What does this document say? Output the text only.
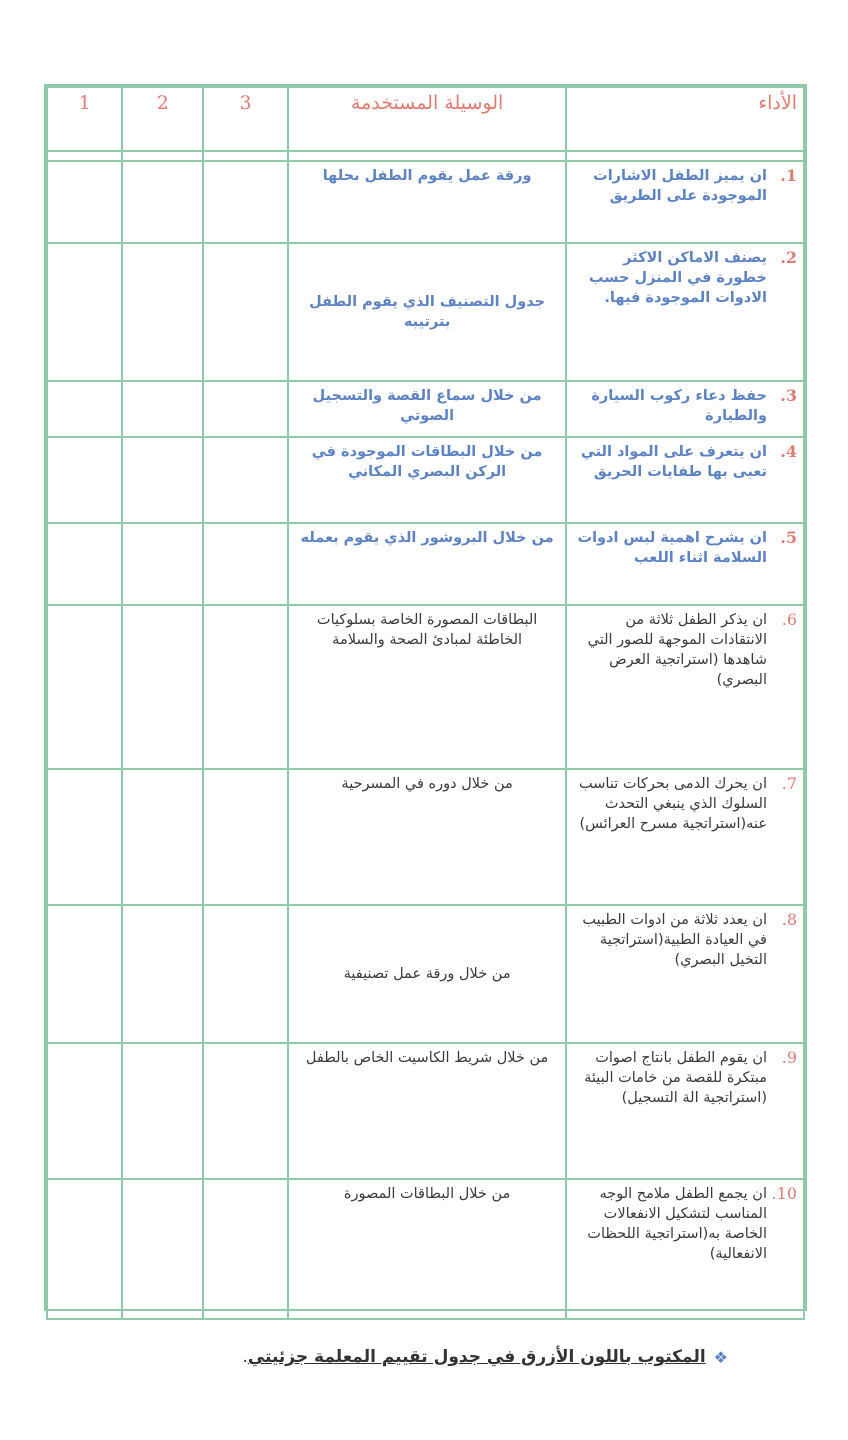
الأداء	الوسيلة المستخدمة	3	2	1

1.
ان يميز الطفل الاشارات الموجودة على الطريق	ورقة عمل يقوم الطفل بحلها			

2.
يصنف الاماكن الاكثر خطورة في المنزل حسب الادوات الموجودة فيها.	جدول التصنيف الذي يقوم الطفل بترتيبه			

3.
حفظ دعاء ركوب السيارة والطيارة	من خلال سماع القصة والتسجيل الصوتي			

4.
ان يتعرف على المواد التي تعبى بها طفايات الحريق	من خلال البطاقات الموجودة في الركن البصري المكاني			

5.
ان يشرح اهمية لبس ادوات السلامة اثناء اللعب	من خلال البروشور الذي يقوم بعمله			

6.
ان يذكر الطفل ثلاثة من الانتقادات الموجهة للصور التي شاهدها (استراتجية العرض البصري)	البطاقات المصورة الخاصة بسلوكيات الخاطئة لمبادئ الصحة والسلامة			

7.
ان يحرك الدمى بحركات تناسب السلوك الذي ينبغي التحدث عنه(استراتجية مسرح العرائس)	من خلال دوره في المسرحية			

8.
ان يعدد ثلاثة من ادوات الطبيب في العيادة الطبية(استراتجية التخيل البصري)	من خلال ورقة عمل تصنيفية			

9.
ان يقوم الطفل بانتاج اصوات مبتكرة للقصة من خامات البيئة (استراتجية الة التسجيل)	من خلال شريط الكاسيت الخاص بالطفل			

10.
ان يجمع الطفل ملامح الوجه المناسب لتشكيل الانفعالات الخاصة به(استراتجية اللحظات الانفعالية)	من خلال البطاقات المصورة			
❖
المكتوب باللون الأزرق في جدول تقييم المعلمة جزئيتي
.
